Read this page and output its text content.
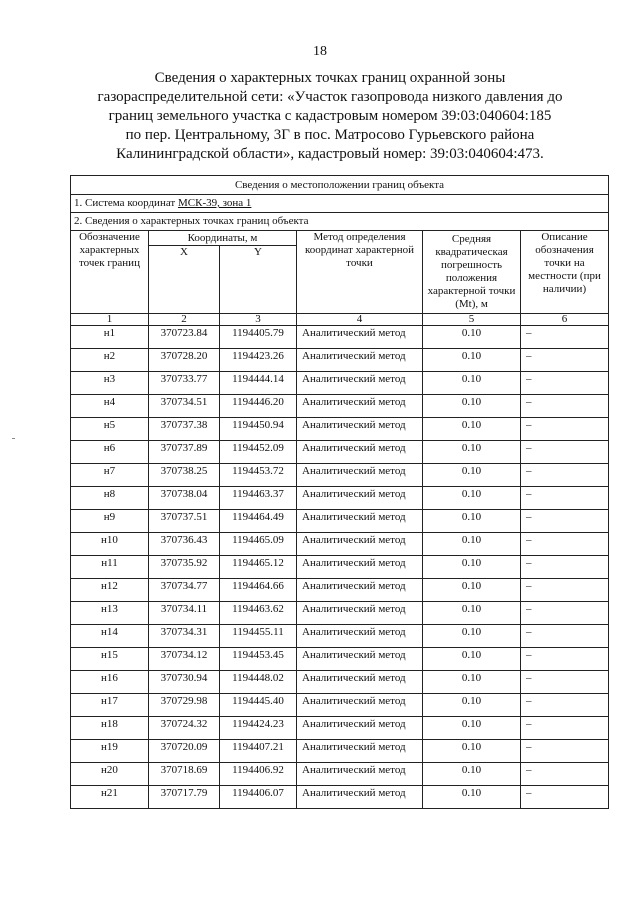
18
Сведения о характерных точках границ охранной зоны
газораспределительной сети: «Участок газопровода низкого давления до
границ земельного участка с кадастровым номером 39:03:040604:185
по пер. Центральному, 3Г в пос. Матросово Гурьевского района
Калининградской области», кадастровый номер: 39:03:040604:473.
Сведения о местоположении границ объекта					
1. Система координат МСК-39, зона 1					
2. Сведения о характерных точках границ объекта					
Обозначение характерных точек границ	Координаты, м		Метод определения координат характерной точки	Средняя квадратическая погрешность положения характерной точки (Mt), м	Описание обозначения точки на местности (при наличии)
	X	Y			
1	2	3	4	5	6
н1	370723.84	1194405.79	Аналитический метод	0.10	–
н2	370728.20	1194423.26	Аналитический метод	0.10	–
н3	370733.77	1194444.14	Аналитический метод	0.10	–
н4	370734.51	1194446.20	Аналитический метод	0.10	–
н5	370737.38	1194450.94	Аналитический метод	0.10	–
н6	370737.89	1194452.09	Аналитический метод	0.10	–
н7	370738.25	1194453.72	Аналитический метод	0.10	–
н8	370738.04	1194463.37	Аналитический метод	0.10	–
н9	370737.51	1194464.49	Аналитический метод	0.10	–
н10	370736.43	1194465.09	Аналитический метод	0.10	–
н11	370735.92	1194465.12	Аналитический метод	0.10	–
н12	370734.77	1194464.66	Аналитический метод	0.10	–
н13	370734.11	1194463.62	Аналитический метод	0.10	–
н14	370734.31	1194455.11	Аналитический метод	0.10	–
н15	370734.12	1194453.45	Аналитический метод	0.10	–
н16	370730.94	1194448.02	Аналитический метод	0.10	–
н17	370729.98	1194445.40	Аналитический метод	0.10	–
н18	370724.32	1194424.23	Аналитический метод	0.10	–
н19	370720.09	1194407.21	Аналитический метод	0.10	–
н20	370718.69	1194406.92	Аналитический метод	0.10	–
н21	370717.79	1194406.07	Аналитический метод	0.10	–
